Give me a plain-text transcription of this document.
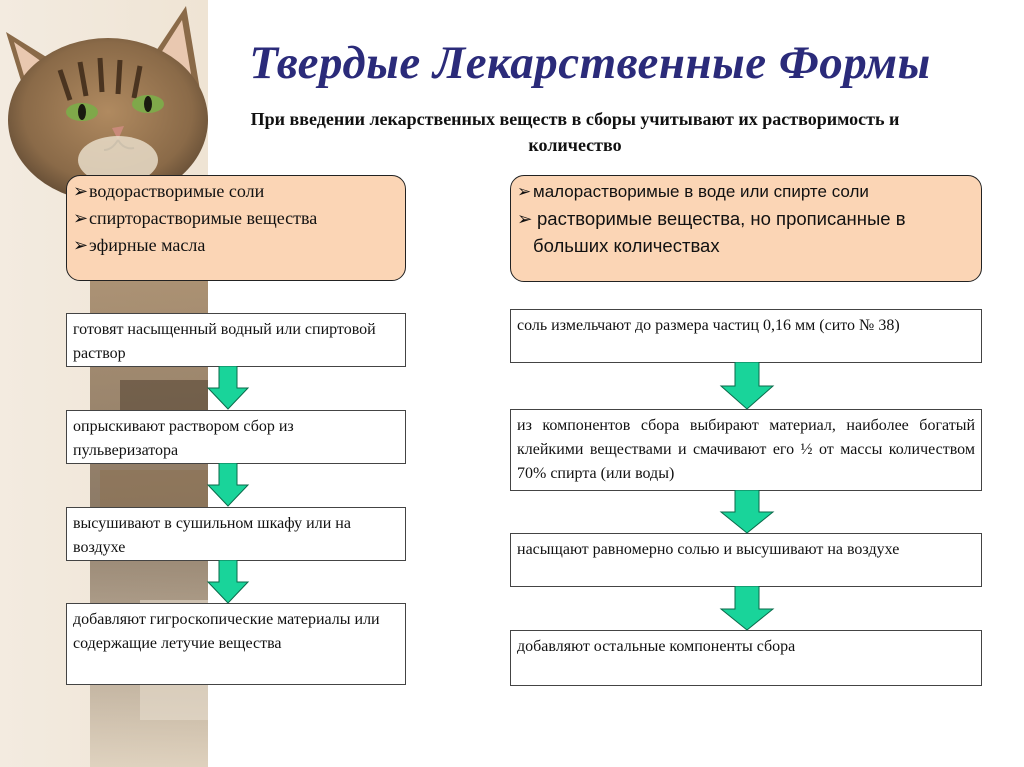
Твердые Лекарственные Формы
При введении лекарственных веществ в сборы учитывают их растворимость и количество
➢ водорастворимые соли
➢ спирторастворимые вещества
➢ эфирные масла
➢ малорастворимые в воде или спирте соли
➢ растворимые вещества, но прописанные в больших количествах
готовят насыщенный водный или спиртовой раствор
опрыскивают раствором сбор из пульверизатора
высушивают в сушильном шкафу или на воздухе
добавляют гигроскопические материалы или содержащие летучие вещества
соль измельчают до размера частиц 0,16 мм (сито № 38)
из компонентов сбора выбирают материал, наиболее богатый клейкими веществами и смачивают его ½ от массы количеством 70% спирта (или воды)
насыщают равномерно солью и высушивают на воздухе
добавляют остальные компоненты сбора
